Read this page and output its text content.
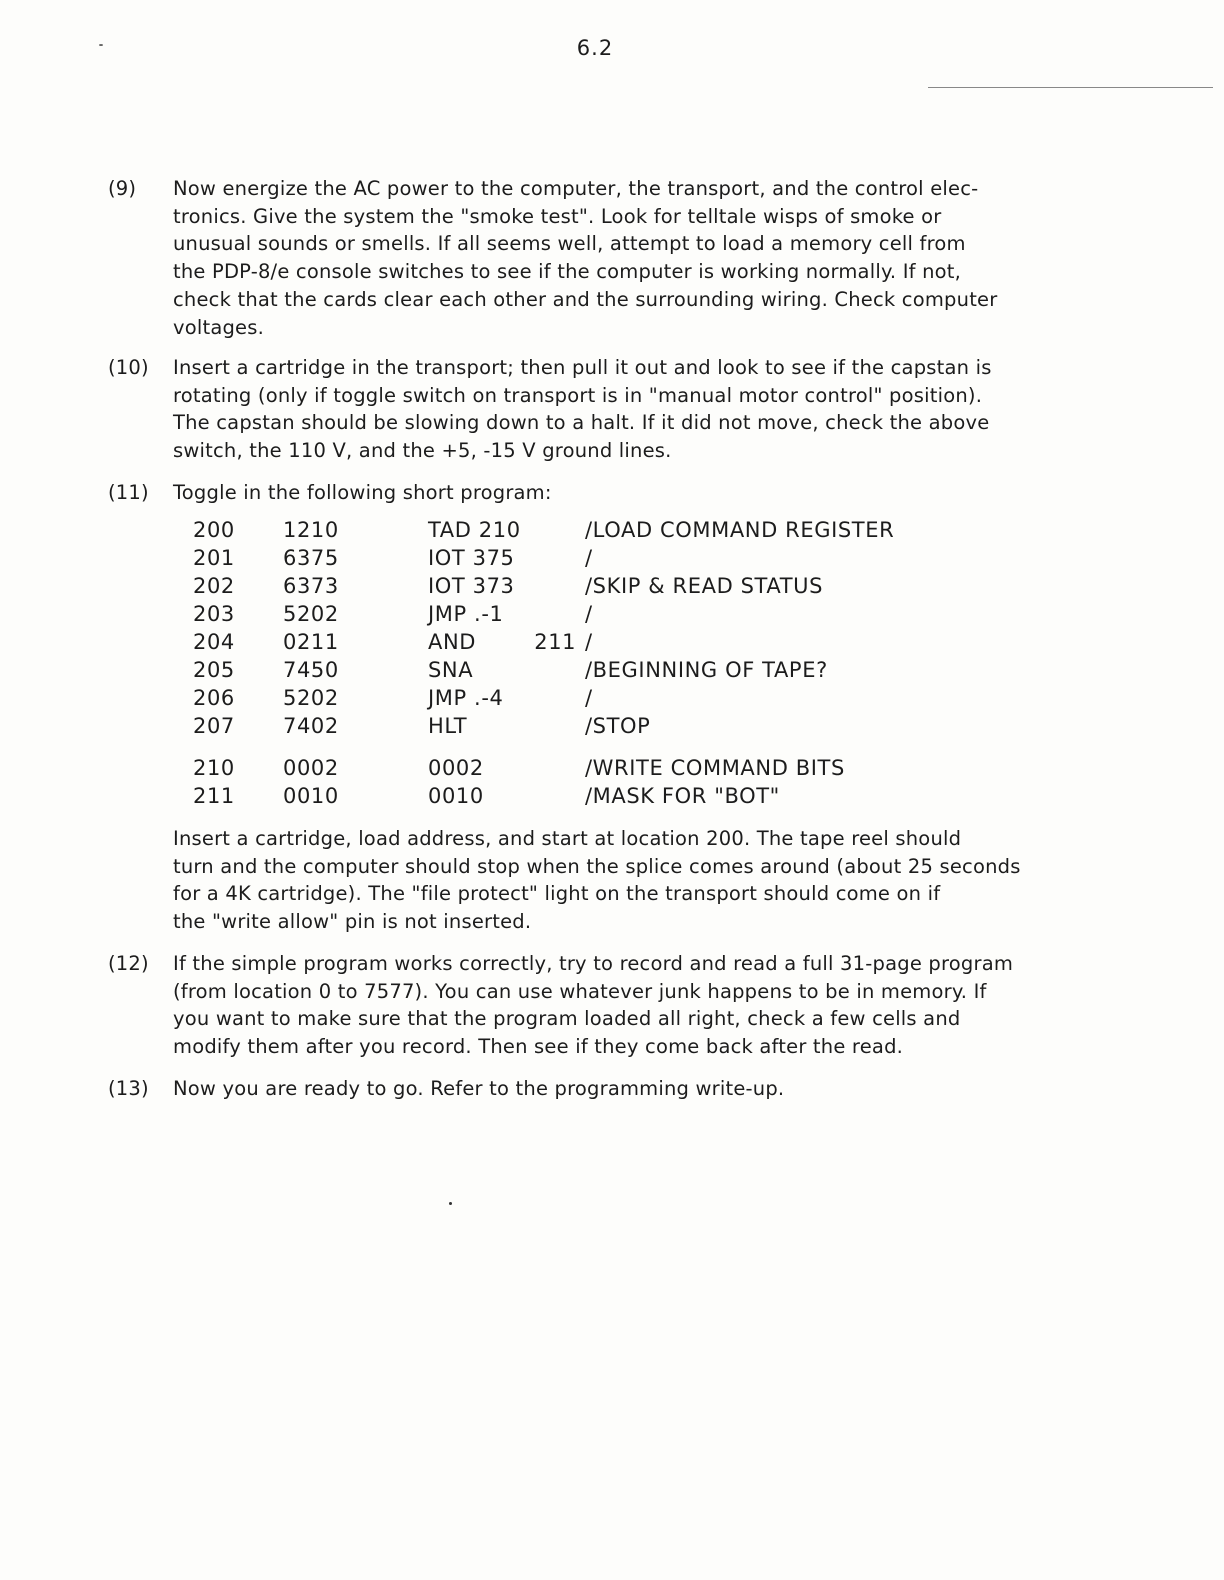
6.2
(9) Now energize the AC power to the computer, the transport, and the control elec-
tronics. Give the system the "smoke test". Look for telltale wisps of smoke or
unusual sounds or smells. If all seems well, attempt to load a memory cell from
the PDP-8/e console switches to see if the computer is working normally. If not,
check that the cards clear each other and the surrounding wiring. Check computer
voltages.
(10) Insert a cartridge in the transport; then pull it out and look to see if the capstan is
rotating (only if toggle switch on transport is in "manual motor control" position).
The capstan should be slowing down to a halt. If it did not move, check the above
switch, the 110 V, and the +5, -15 V ground lines.
(11) Toggle in the following short program:
200 1210	TAD 210	/LOAD COMMAND REGISTER
201 6375	IOT 375	/
202 6373	IOT 373	/SKIP & READ STATUS
203 5202	JMP .-1	/
204 0211	AND        211 /
205 7450	SNA	/BEGINNING OF TAPE?
206 5202	JMP .-4	/
207 7402	HLT	/STOP
210 0002	0002	/WRITE COMMAND BITS
211 0010	0010	/MASK FOR "BOT"
Insert a cartridge, load address, and start at location 200. The tape reel should
turn and the computer should stop when the splice comes around (about 25 seconds
for a 4K cartridge). The "file protect" light on the transport should come on if
the "write allow" pin is not inserted.
(12) If the simple program works correctly, try to record and read a full 31-page program
(from location 0 to 7577). You can use whatever junk happens to be in memory. If
you want to make sure that the program loaded all right, check a few cells and
modify them after you record. Then see if they come back after the read.
(13) Now you are ready to go. Refer to the programming write-up.
